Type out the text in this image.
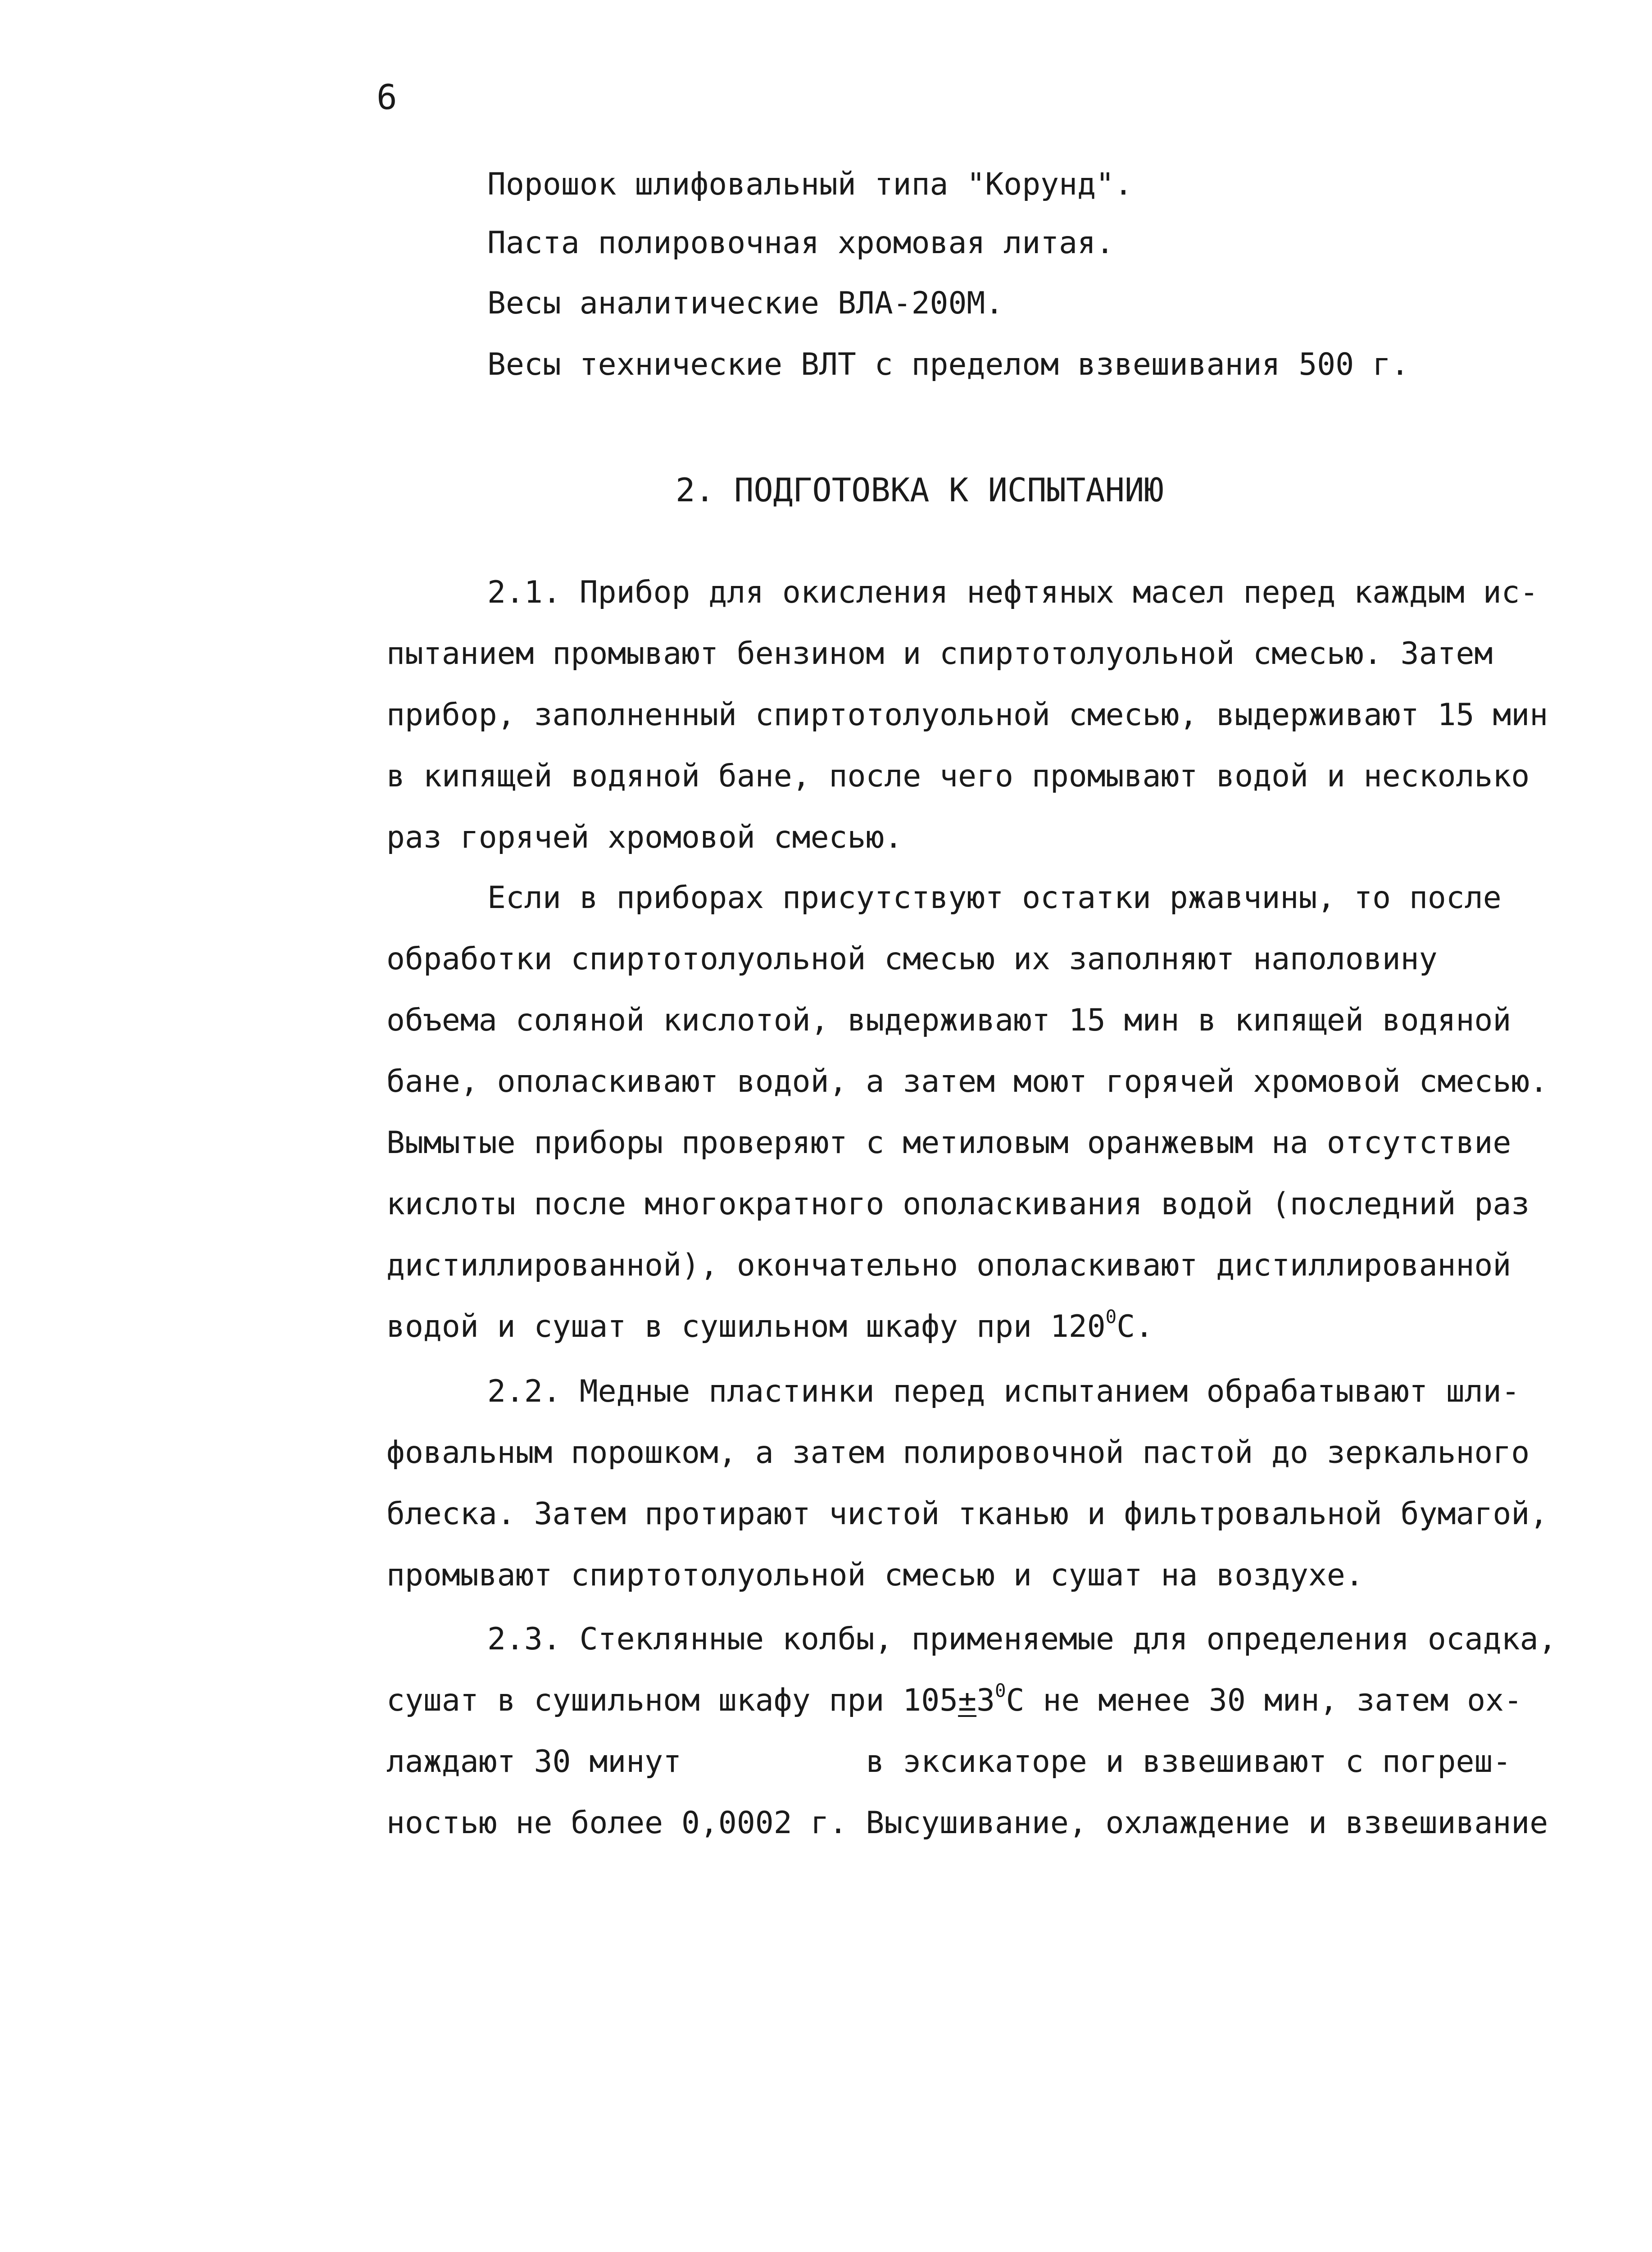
6

Порошок шлифовальный типа "Корунд".

Паста полировочная хромовая литая.

Весы аналитические ВЛА-200М.

Весы технические ВЛТ с пределом взвешивания 500 г.

2. ПОДГОТОВКА К ИСПЫТАНИЮ

2.1. Прибор для окисления нефтяных масел перед каждым ис-

пытанием промывают бензином и спиртотолуольной смесью. Затем

прибор, заполненный спиртотолуольной смесью, выдерживают 15 мин

в кипящей водяной бане, после чего промывают водой и несколько

раз горячей хромовой смесью.

Если в приборах присутствуют остатки ржавчины, то после

обработки спиртотолуольной смесью их заполняют наполовину

объема соляной кислотой, выдерживают 15 мин в кипящей водяной

бане, ополаскивают водой, а затем моют горячей хромовой смесью.

Вымытые приборы проверяют с метиловым оранжевым на отсутствие

кислоты после многократного ополаскивания водой (последний раз

дистиллированной), окончательно ополаскивают дистиллированной

водой и сушат в сушильном шкафу при $120^0С$.

2.2. Медные пластинки перед испытанием обрабатывают шли-

фовальным порошком, а затем полировочной пастой до зеркального

блеска. Затем протирают чистой тканью и фильтровальной бумагой,

промывают спиртотолуольной смесью и сушат на воздухе.

2.3. Стеклянные колбы, применяемые для определения осадка,

сушат в сушильном шкафу при $105\pm 3^0С$ не менее 30 мин, затем ох-

лаждают 30 минут          в эксикаторе и взвешивают с погреш-

ностью не более 0,0002 г. Высушивание, охлаждение и взвешивание
